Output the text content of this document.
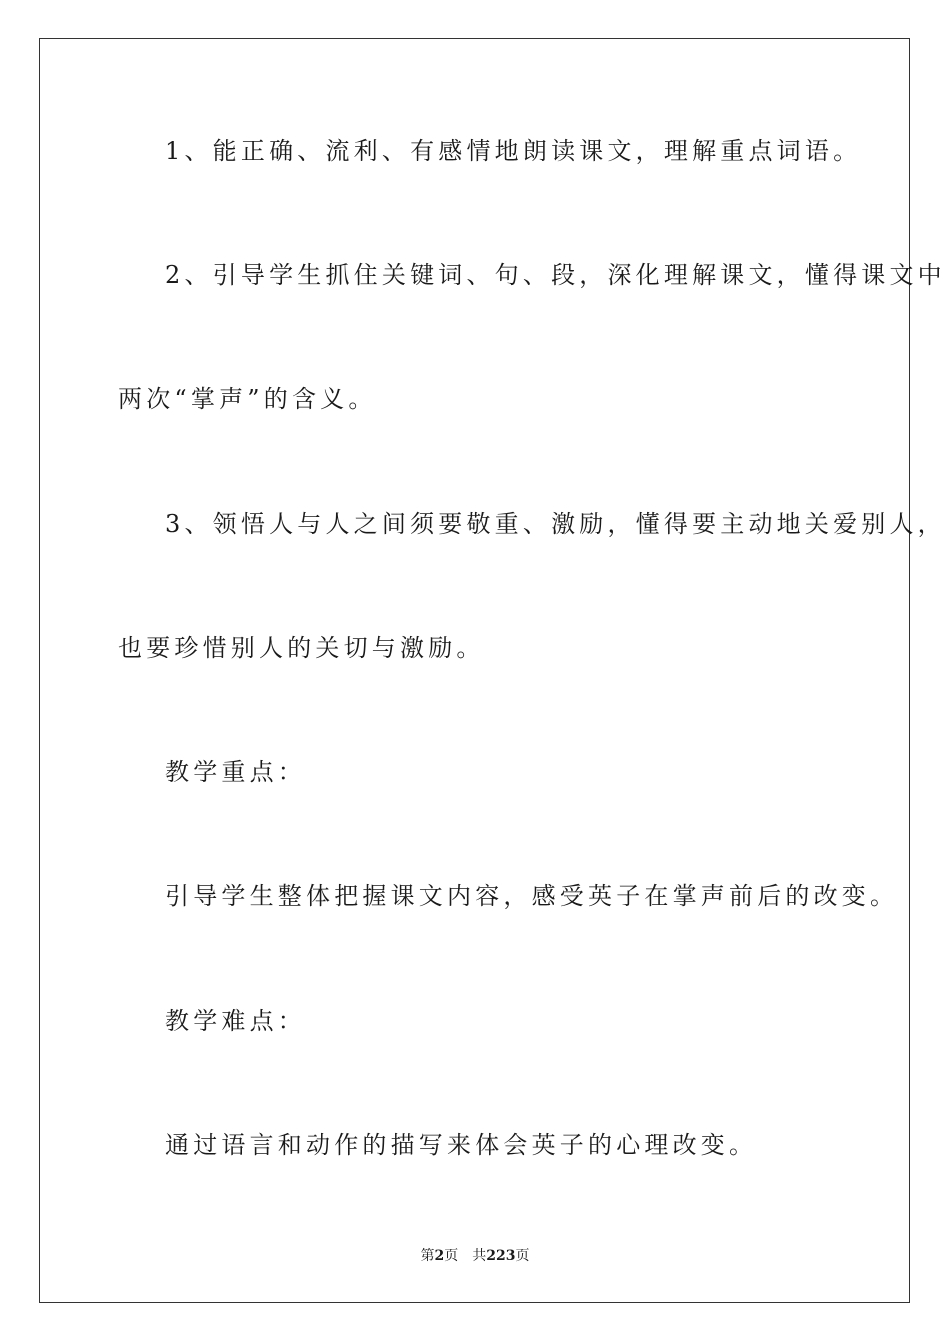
1、能正确、流利、有感情地朗读课文，理解重点词语。
2、引导学生抓住关键词、句、段，深化理解课文，懂得课文中
两次“掌声”的含义。
3、领悟人与人之间须要敬重、激励，懂得要主动地关爱别人，
也要珍惜别人的关切与激励。
教学重点：
引导学生整体把握课文内容，感受英子在掌声前后的改变。
教学难点：
通过语言和动作的描写来体会英子的心理改变。
第2页 共223页
